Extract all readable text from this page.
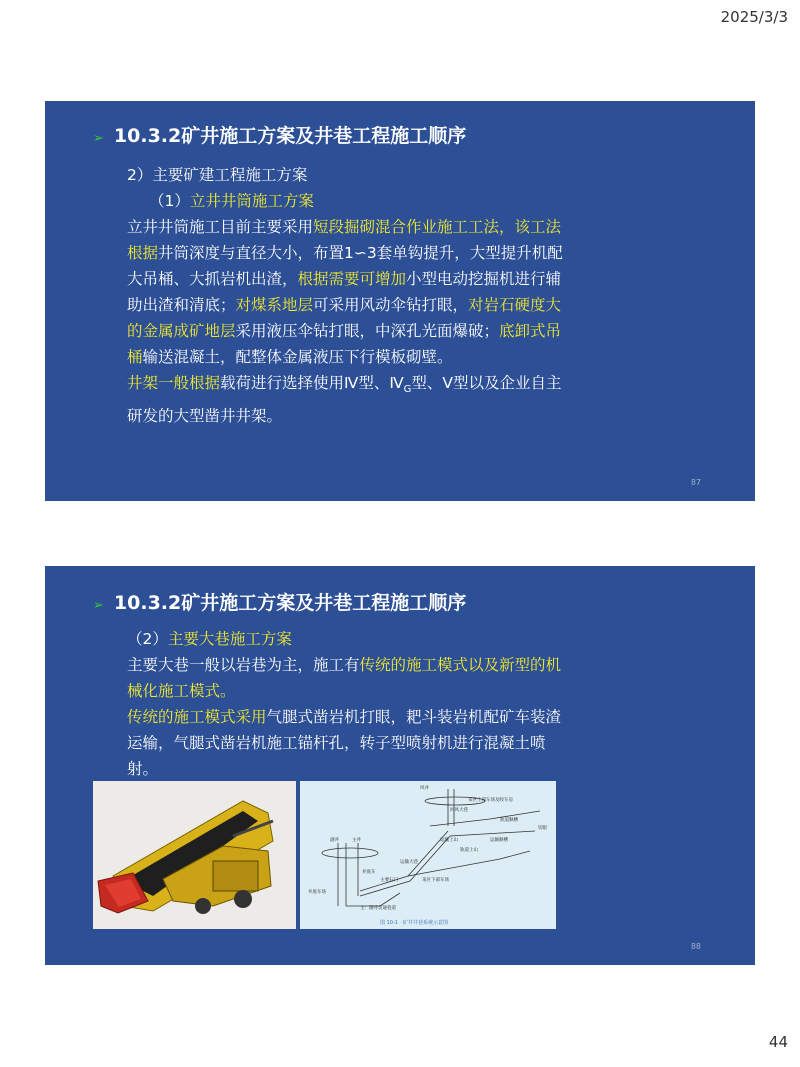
2025/3/3
➢ 10.3.2矿井施工方案及井巷工程施工顺序

2）主要矿建工程施工方案

（1）立井井筒施工方案

立井井筒施工目前主要采用短段掘砌混合作业施工工法，该工法根据井筒深度与直径大小，布置1∽3套单钩提升，大型提升机配大吊桶、大抓岩机出渣，根据需要可增加小型电动挖掘机进行辅助出渣和清底；对煤系地层可采用风动伞钻打眼，对岩石硬度大的金属成矿地层采用液压伞钻打眼，中深孔光面爆破；底卸式吊桶输送混凝土，配整体金属液压下行模板砌壁。

井架一般根据载荷进行选择使用Ⅳ型、$Ⅳ_G$型、Ⅴ型以及企业自主研发的大型凿井井架。

87
➢ 10.3.2矿井施工方案及井巷工程施工顺序

（2）主要大巷施工方案

主要大巷一般以岩巷为主，施工有传统的施工模式以及新型的机械化施工模式。

传统的施工模式采用气腿式凿岩机打眼，耙斗装岩机配矿车装渣运输，气腿式凿岩机施工锚杆孔，转子型喷射机进行混凝土喷射。

风井
采区上部车场及绞车房
回风大巷
轨道顺槽
切眼
副井	主井	运输上山
轨道上山
运输顺槽
运输大巷
井底车
主要石门	采区下部车场
井底车场
主：副井贯通巷道
图 10-1　矿井井巷系统示意图
88
44
